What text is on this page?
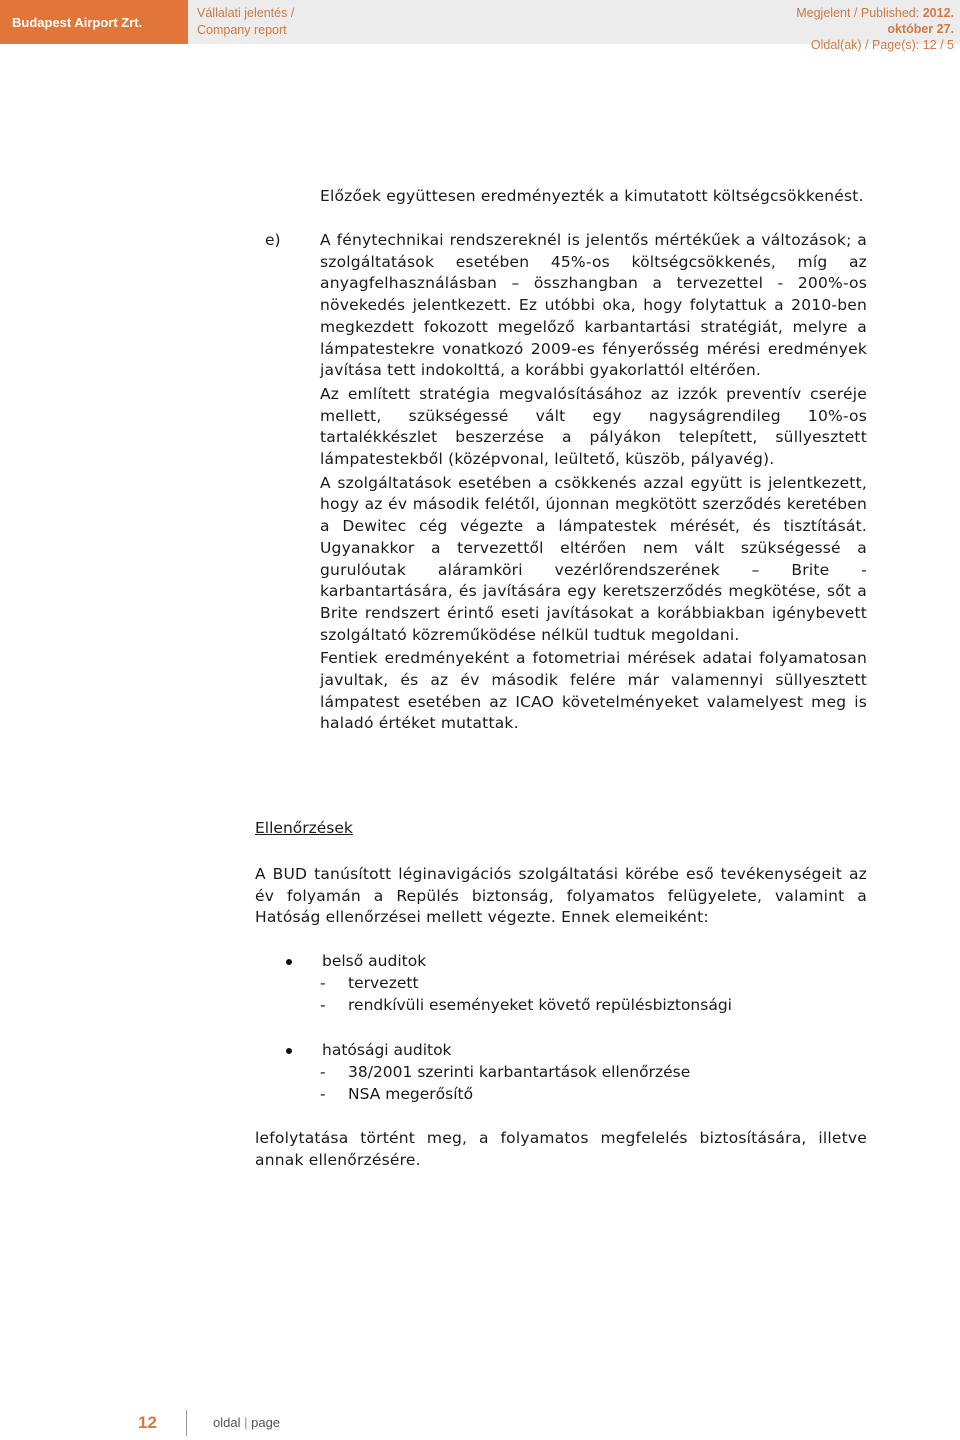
Budapest Airport Zrt.
Vállalati jelentés /
Company report
Megjelent / Published: 2012.
október 27.
Oldal(ak) / Page(s): 12 / 5
Előzőek együttesen eredményezték a kimutatott költségcsökkenést.
e)	A fénytechnikai rendszereknél is jelentős mértékűek a változások; a szolgáltatások esetében 45%-os költségcsökkenés, míg az anyagfelhasználásban – összhangban a tervezettel - 200%-os növekedés jelentkezett. Ez utóbbi oka, hogy folytattuk a 2010-ben megkezdett fokozott megelőző karbantartási stratégiát, melyre a lámpatestekre vonatkozó 2009-es fényerősség mérési eredmények javítása tett indokolttá, a korábbi gyakorlattól eltérően.

Az említett stratégia megvalósításához az izzók preventív cseréje mellett, szükségessé vált egy nagyságrendileg 10%-os tartalékkészlet beszerzése a pályákon telepített, süllyesztett lámpatestekből (középvonal, leültető, küszöb, pályavég).

A szolgáltatások esetében a csökkenés azzal együtt is jelentkezett, hogy az év második felétől, újonnan megkötött szerződés keretében a Dewitec cég végezte a lámpatestek mérését, és tisztítását. Ugyanakkor a tervezettől eltérően nem vált szükségessé a gurulóutak aláramköri vezérlőrendszerének – Brite - karbantartására, és javítására egy keretszerződés megkötése, sőt a Brite rendszert érintő eseti javításokat a korábbiakban igénybevett szolgáltató közreműködése nélkül tudtuk megoldani.

Fentiek eredményeként a fotometriai mérések adatai folyamatosan javultak, és az év második felére már valamennyi süllyesztett lámpatest esetében az ICAO követelményeket valamelyest meg is haladó értéket mutattak.

Ellenőrzések
A BUD tanúsított léginavigációs szolgáltatási körébe eső tevékenységeit az év folyamán a Repülés biztonság, folyamatos felügyelete, valamint a Hatóság ellenőrzései mellett végezte. Ennek elemeiként:
belső auditok
- tervezett
- rendkívüli eseményeket követő repülésbiztonsági
hatósági auditok
- 38/2001 szerinti karbantartások ellenőrzése
- NSA megerősítő
lefolytatása történt meg, a folyamatos megfelelés biztosítására, illetve annak ellenőrzésére.
12	oldal | page
